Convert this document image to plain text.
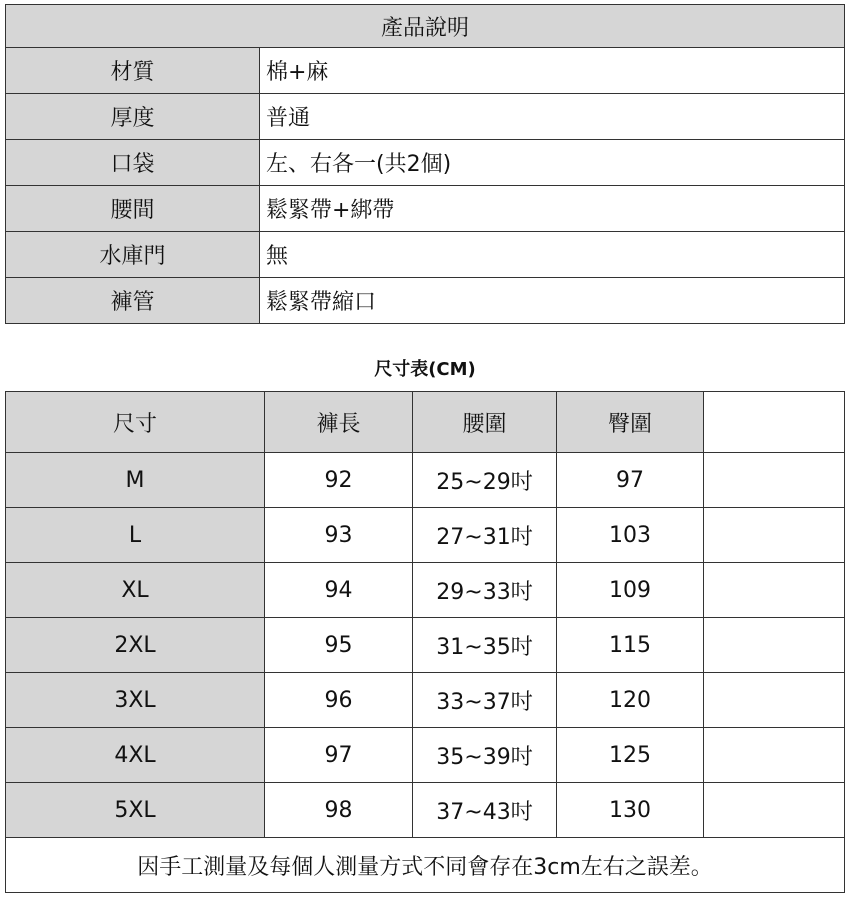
產品說明	
材質	棉+麻
厚度	普通
口袋	左、右各一(共2個)
腰間	鬆緊帶+綁帶
水庫門	無
褲管	鬆緊帶縮口
尺寸表(CM)
尺寸	褲長	腰圍	臀圍	
M	92	25~29吋	97	
L	93	27~31吋	103	
XL	94	29~33吋	109	
2XL	95	31~35吋	115	
3XL	96	33~37吋	120	
4XL	97	35~39吋	125	
5XL	98	37~43吋	130	
因手工測量及每個人測量方式不同會存在3cm左右之誤差。				
